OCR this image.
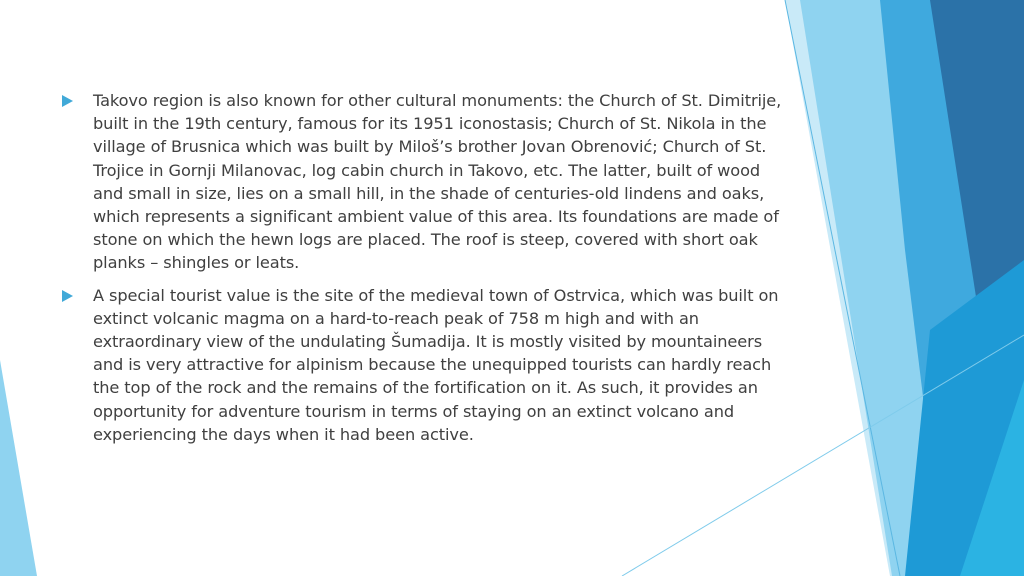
Takovo region is also known for other cultural monuments: the Church of St. Dimitrije, built in the 19th century, famous for its 1951 iconostasis; Church of St. Nikola in the village of Brusnica which was built by Miloš’s brother Jovan Obrenović; Church of St. Trojice in Gornji Milanovac, log cabin church in Takovo, etc. The latter, built of wood and small in size, lies on a small hill, in the shade of centuries-old lindens and oaks, which represents a significant ambient value of this area. Its foundations are made of stone on which the hewn logs are placed. The roof is steep, covered with short oak planks – shingles or leats.
A special tourist value is the site of the medieval town of Ostrvica, which was built on extinct volcanic magma on a hard-to-reach peak of 758 m high and with an extraordinary view of the undulating Šumadija. It is mostly visited by mountaineers and is very attractive for alpinism because the unequipped tourists can hardly reach the top of the rock and the remains of the fortification on it. As such, it provides an opportunity for adventure tourism in terms of staying on an extinct volcano and experiencing the days when it had been active.
